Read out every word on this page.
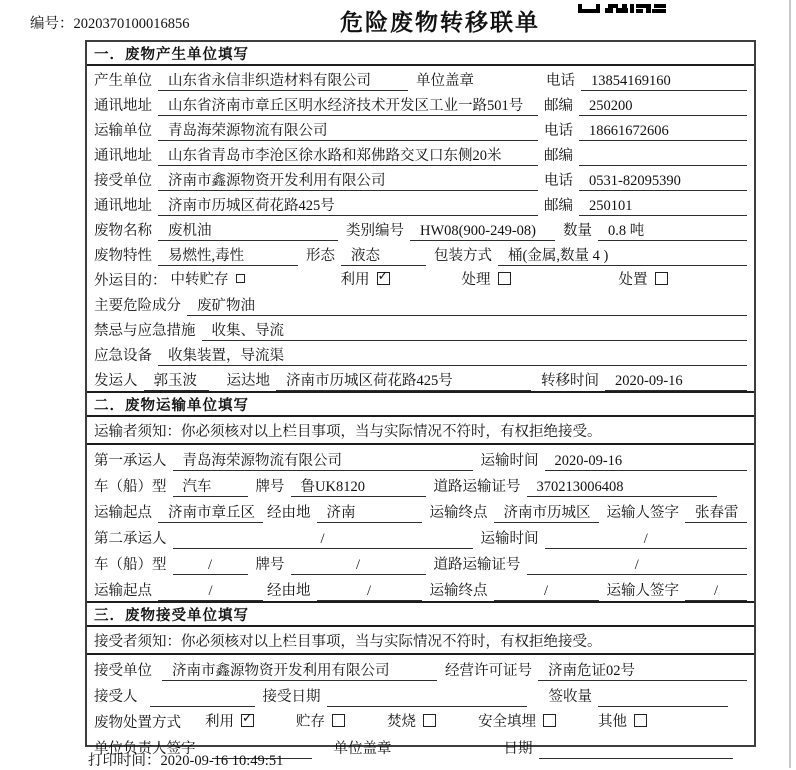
编号：2020370100016856	危险废物转移联单
一．废物产生单位填写
产生单位	山东省永信非织造材料有限公司	单位盖章	电话	13854169160
通讯地址	山东省济南市章丘区明水经济技术开发区工业一路501号	邮编	250200
运输单位	青岛海荣源物流有限公司	电话	18661672606
通讯地址	山东省青岛市李沧区徐水路和郑佛路交叉口东侧20米	邮编
接受单位	济南市鑫源物资开发利用有限公司	电话	0531-82095390
通讯地址	济南市历城区荷花路425号	邮编	250101
废物名称	废机油	类别编号	HW08(900-249-08)	数量	0.8 吨
废物特性	易燃性,毒性	形态	液态	包装方式	桶(金属,数量 4 )
外运目的： 中转贮存	利用 ✓	处理	处置
主要危险成分	废矿物油
禁忌与应急措施	收集、导流
应急设备	收集装置，导流渠
发运人	郭玉波	运达地	济南市历城区荷花路425号	转移时间	2020-09-16
二．废物运输单位填写
运输者须知：你必须核对以上栏目事项，当与实际情况不符时，有权拒绝接受。
第一承运人	青岛海荣源物流有限公司	运输时间	2020-09-16
车（船）型	汽车	牌号	鲁UK8120	道路运输证号	370213006408
运输起点	济南市章丘区 经由地	济南	运输终点	济南市历城区	运输人签字	张春雷
第二承运人	/	运输时间	/
车（船）型	/	牌号	/	道路运输证号	/
运输起点	/	经由地	/	运输终点	/	运输人签字	/
三．废物接受单位填写
接受者须知：你必须核对以上栏目事项，当与实际情况不符时，有权拒绝接受。
接受单位	济南市鑫源物资开发利用有限公司	经营许可证号	济南危证02号
接受人	接受日期	签收量
废物处置方式 利用 ✓	贮存	焚烧	安全填埋	其他
单位负责人签字	单位盖章	日期
打印时间：2020-09-16 10:49:51
